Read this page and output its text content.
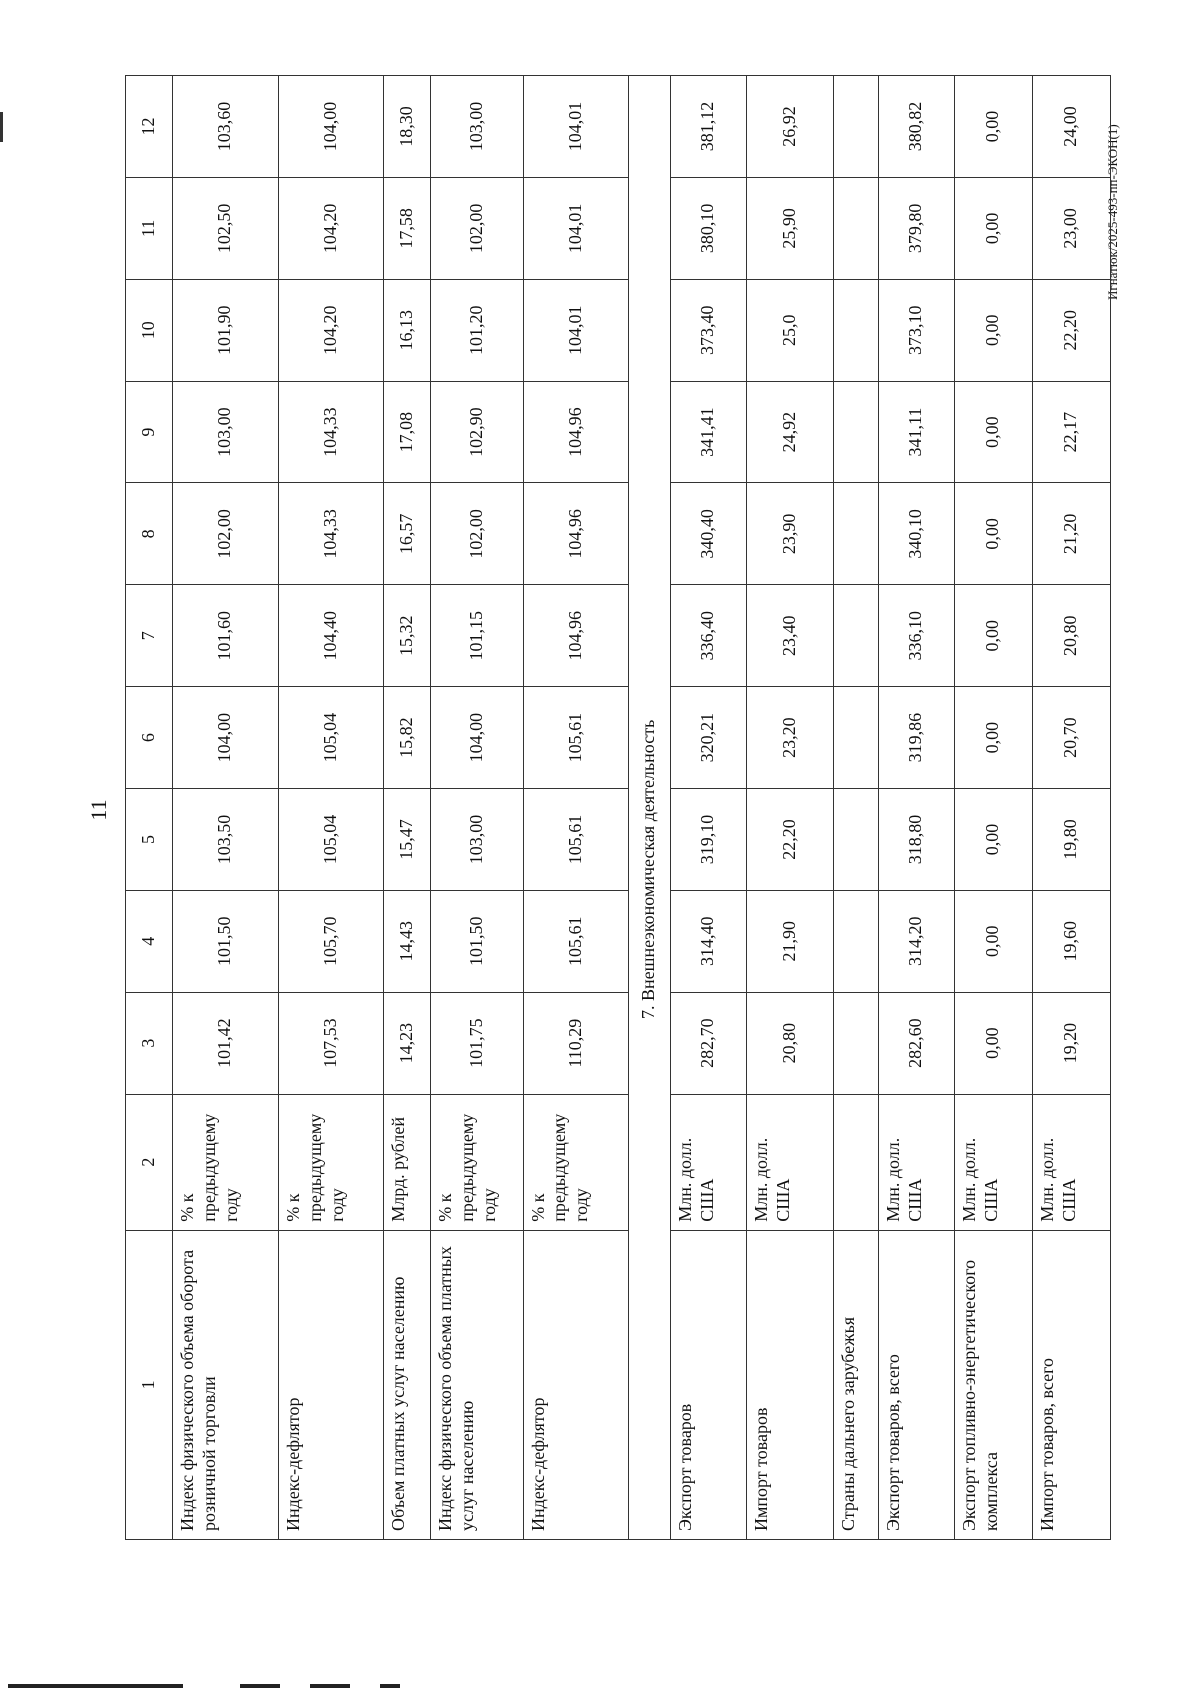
11
Игнатюк/2025-493-пп-ЭКОН(1)
1	2	3	4	5	6	7	8	9	10	11	12
Индекс физического объема оборота розничной торговли	% к предыдущему году	101,42	101,50	103,50	104,00	101,60	102,00	103,00	101,90	102,50	103,60
Индекс-дефлятор	% к предыдущему году	107,53	105,70	105,04	105,04	104,40	104,33	104,33	104,20	104,20	104,00
Объем платных услуг населению	Млрд. рублей	14,23	14,43	15,47	15,82	15,32	16,57	17,08	16,13	17,58	18,30
Индекс физического объема платных услуг населению	% к предыдущему году	101,75	101,50	103,00	104,00	101,15	102,00	102,90	101,20	102,00	103,00
Индекс-дефлятор	% к предыдущему году	110,29	105,61	105,61	105,61	104,96	104,96	104,96	104,01	104,01	104,01
7. Внешнеэкономическая деятельность											
Экспорт товаров	Млн. долл. США	282,70	314,40	319,10	320,21	336,40	340,40	341,41	373,40	380,10	381,12
Импорт товаров	Млн. долл. США	20,80	21,90	22,20	23,20	23,40	23,90	24,92	25,0	25,90	26,92
Страны дальнего зарубежья											
Экспорт товаров, всего	Млн. долл. США	282,60	314,20	318,80	319,86	336,10	340,10	341,11	373,10	379,80	380,82
Экспорт топливно-энергетического комплекса	Млн. долл. США	0,00	0,00	0,00	0,00	0,00	0,00	0,00	0,00	0,00	0,00
Импорт товаров, всего	Млн. долл. США	19,20	19,60	19,80	20,70	20,80	21,20	22,17	22,20	23,00	24,00
